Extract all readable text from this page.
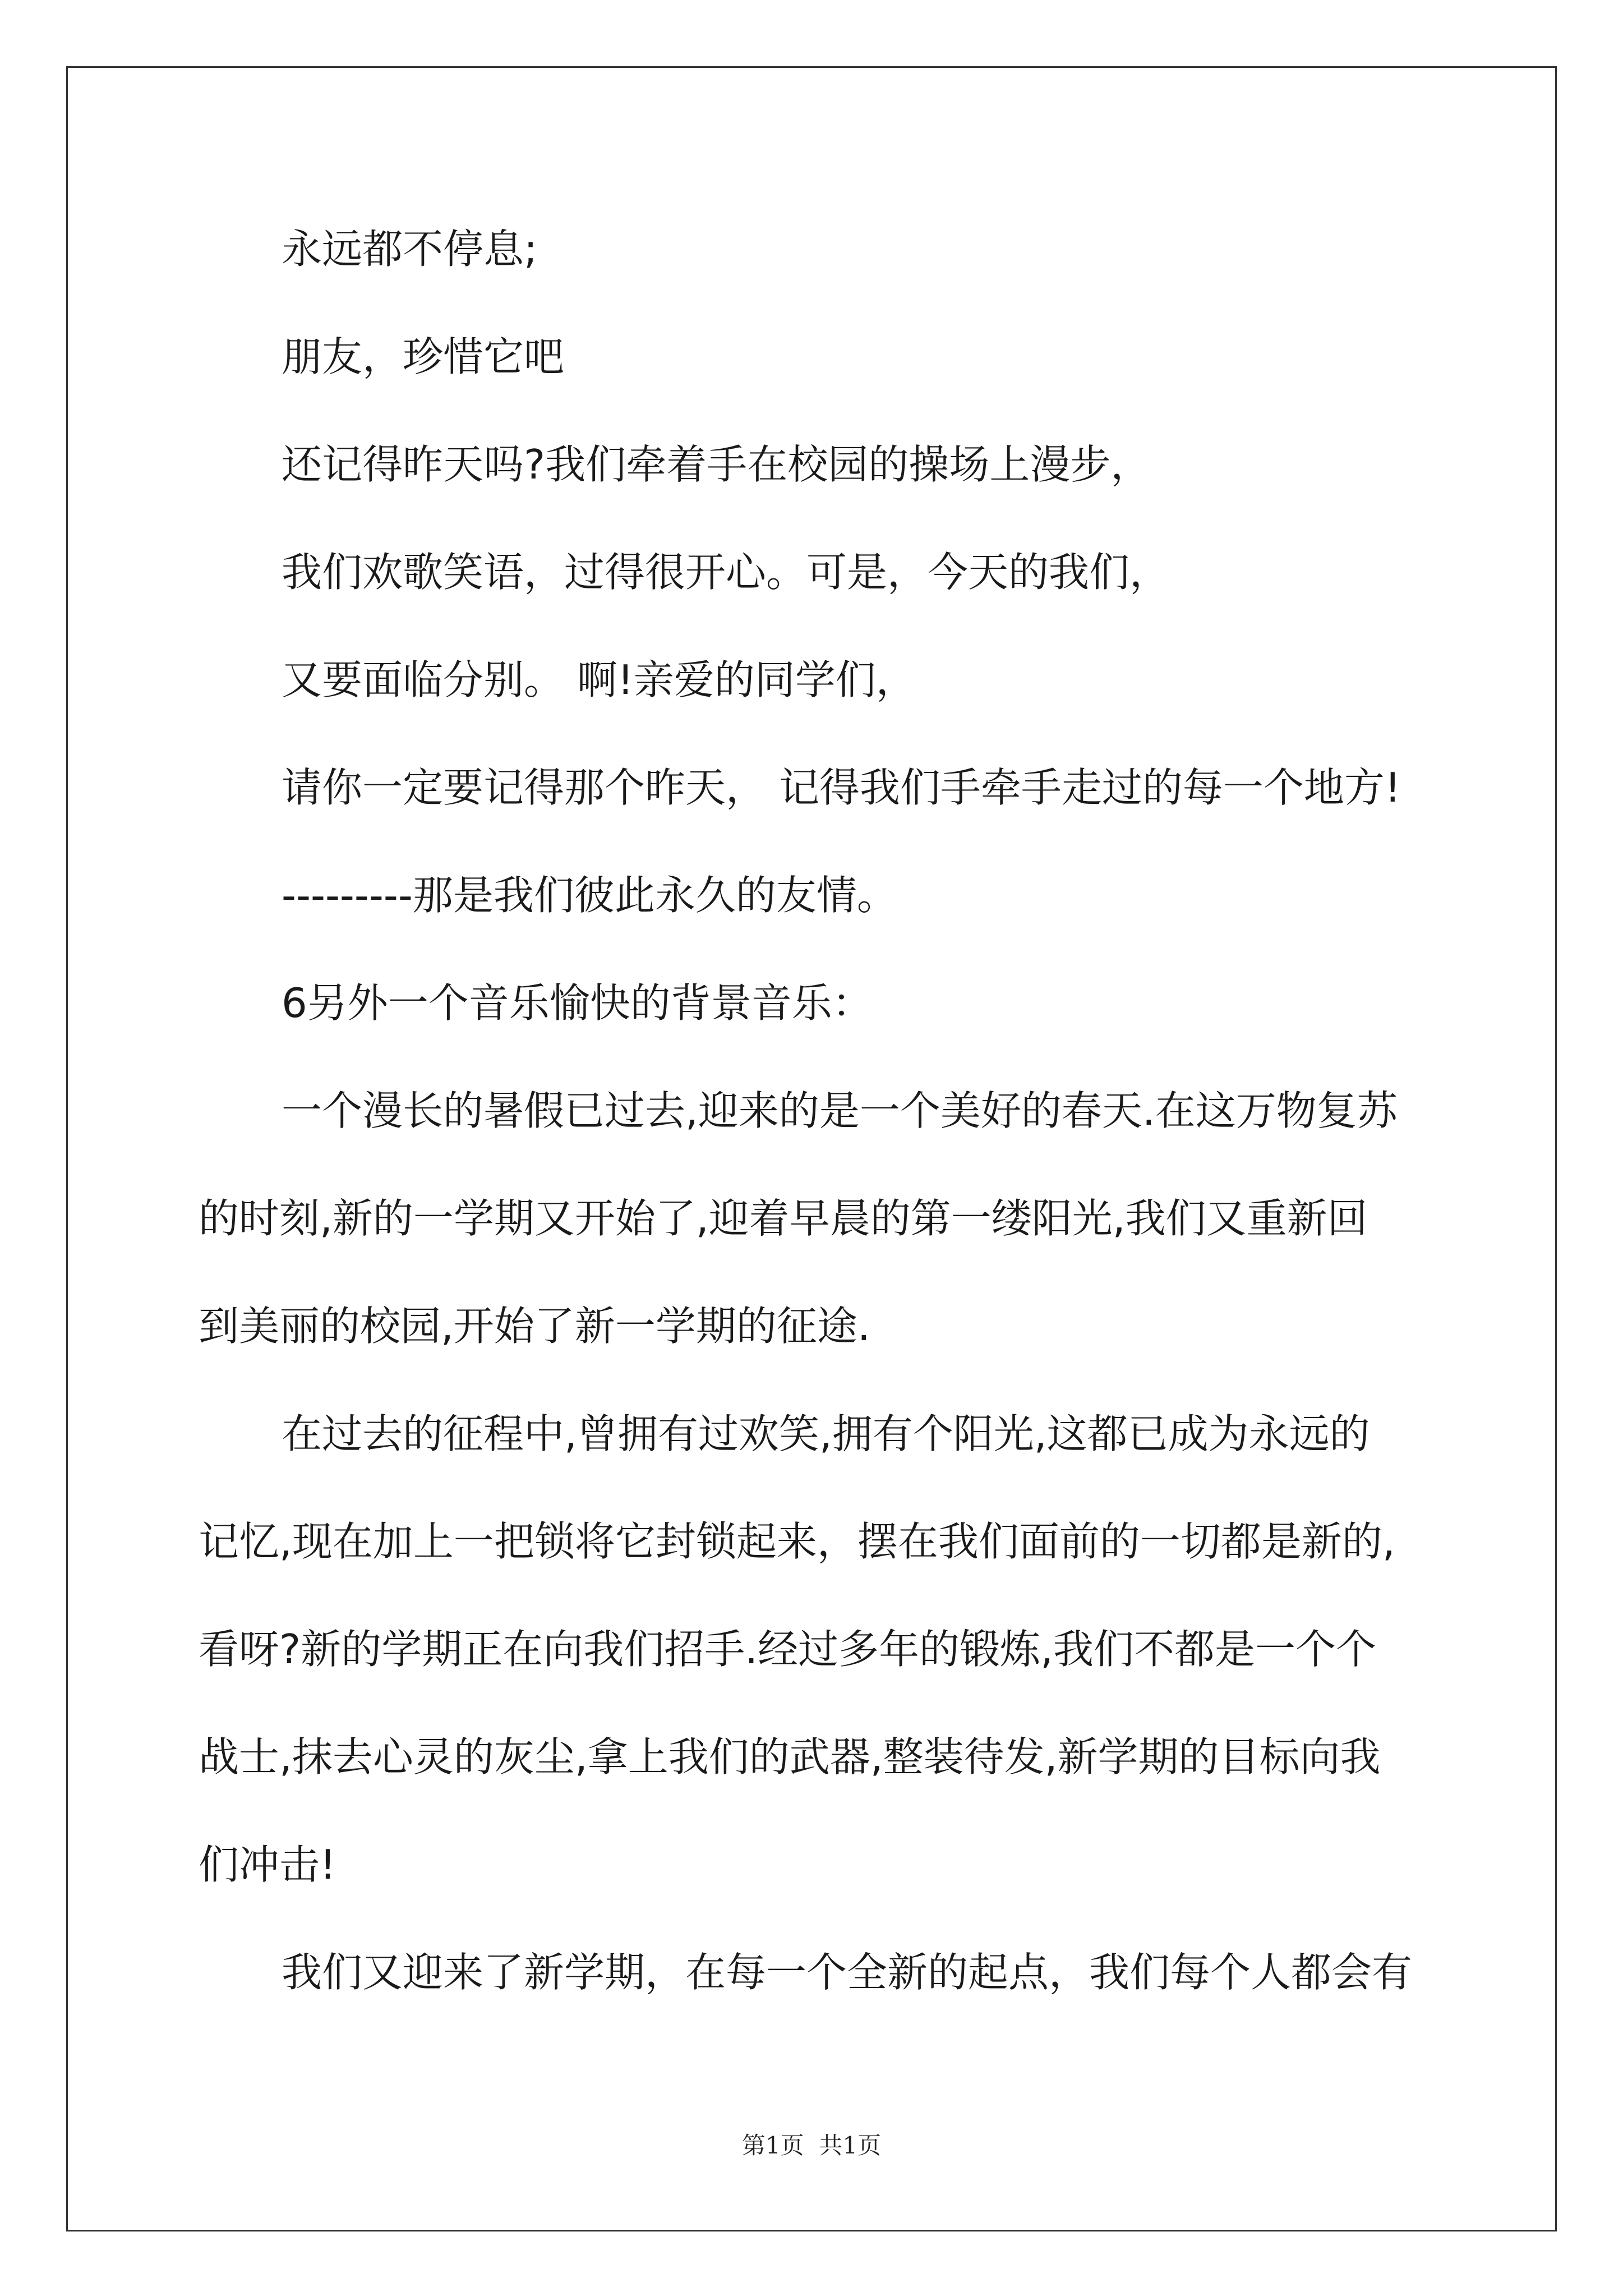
永远都不停息;
朋友，珍惜它吧
还记得昨天吗?我们牵着手在校园的操场上漫步，
我们欢歌笑语，过得很开心。可是，今天的我们，
又要面临分别。 啊!亲爱的同学们，
请你一定要记得那个昨天， 记得我们手牵手走过的每一个地方!
---------那是我们彼此永久的友情。
6另外一个音乐愉快的背景音乐：
一个漫长的暑假已过去,迎来的是一个美好的春天.在这万物复苏
的时刻,新的一学期又开始了,迎着早晨的第一缕阳光,我们又重新回
到美丽的校园,开始了新一学期的征途.
在过去的征程中,曾拥有过欢笑,拥有个阳光,这都已成为永远的
记忆,现在加上一把锁将它封锁起来，摆在我们面前的一切都是新的,
看呀?新的学期正在向我们招手.经过多年的锻炼,我们不都是一个个
战士,抹去心灵的灰尘,拿上我们的武器,整装待发,新学期的目标向我
们冲击!
我们又迎来了新学期，在每一个全新的起点，我们每个人都会有
第1页  共1页
